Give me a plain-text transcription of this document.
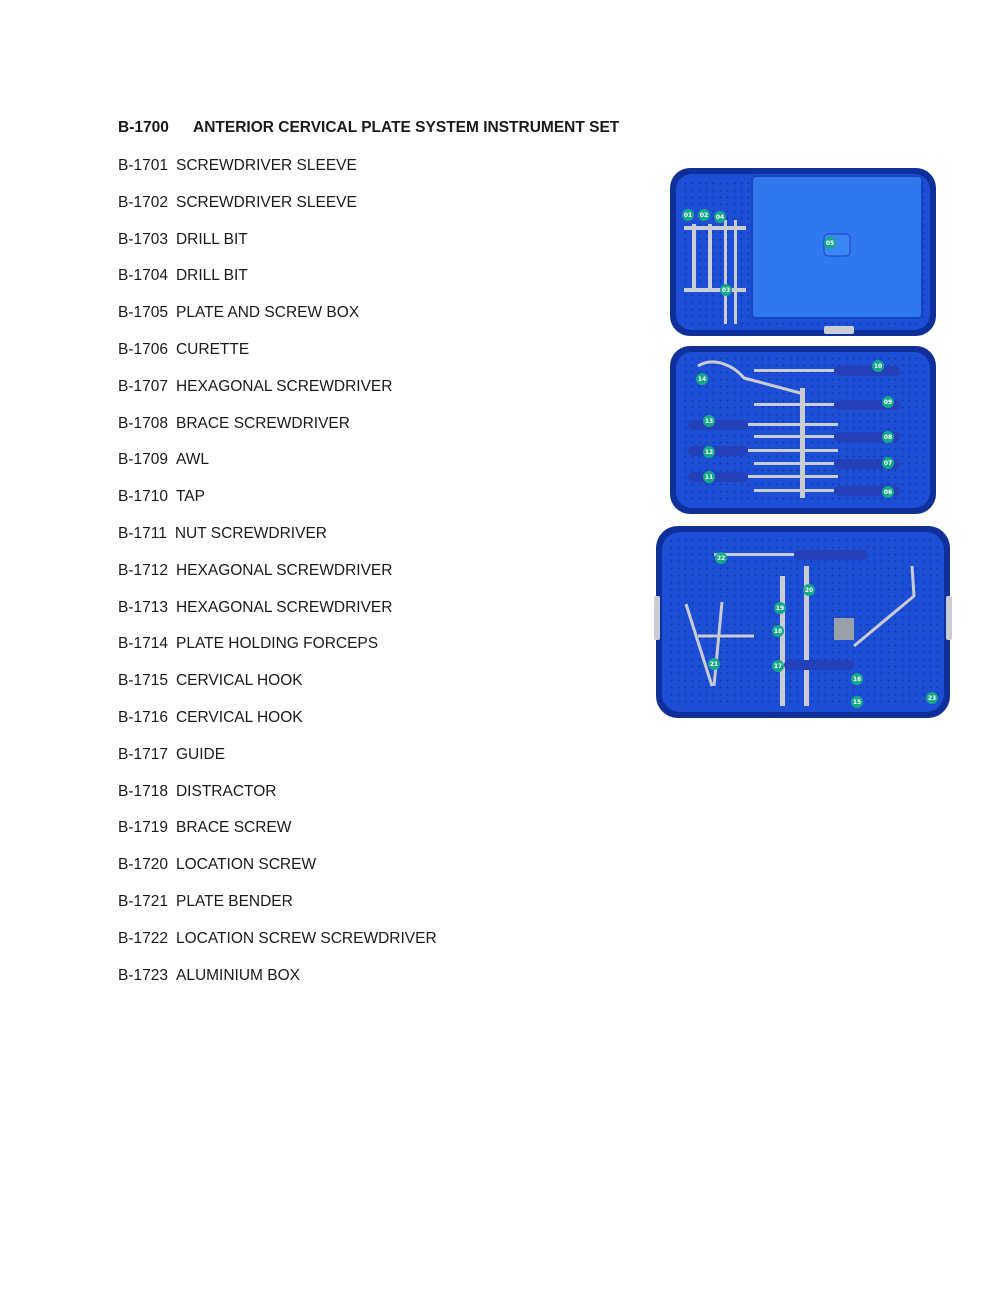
B-1700 ANTERIOR CERVICAL PLATE SYSTEM INSTRUMENT SET
B-1701 SCREWDRIVER SLEEVE
B-1702 SCREWDRIVER SLEEVE
B-1703 DRILL BIT
B-1704 DRILL BIT
B-1705 PLATE AND SCREW BOX
B-1706 CURETTE
B-1707 HEXAGONAL SCREWDRIVER
B-1708 BRACE SCREWDRIVER
B-1709 AWL
B-1710 TAP
B-1711 NUT SCREWDRIVER
B-1712 HEXAGONAL SCREWDRIVER
B-1713 HEXAGONAL SCREWDRIVER
B-1714 PLATE HOLDING FORCEPS
B-1715 CERVICAL HOOK
B-1716 CERVICAL HOOK
B-1717 GUIDE
B-1718 DISTRACTOR
B-1719 BRACE SCREW
B-1720 LOCATION SCREW
B-1721 PLATE BENDER
B-1722 LOCATION SCREW SCREWDRIVER
B-1723 ALUMINIUM BOX
01 02 04
05
03
10
14
09
13
08
12
07
11
06
22
20
19
18
21	17
16
15
23
